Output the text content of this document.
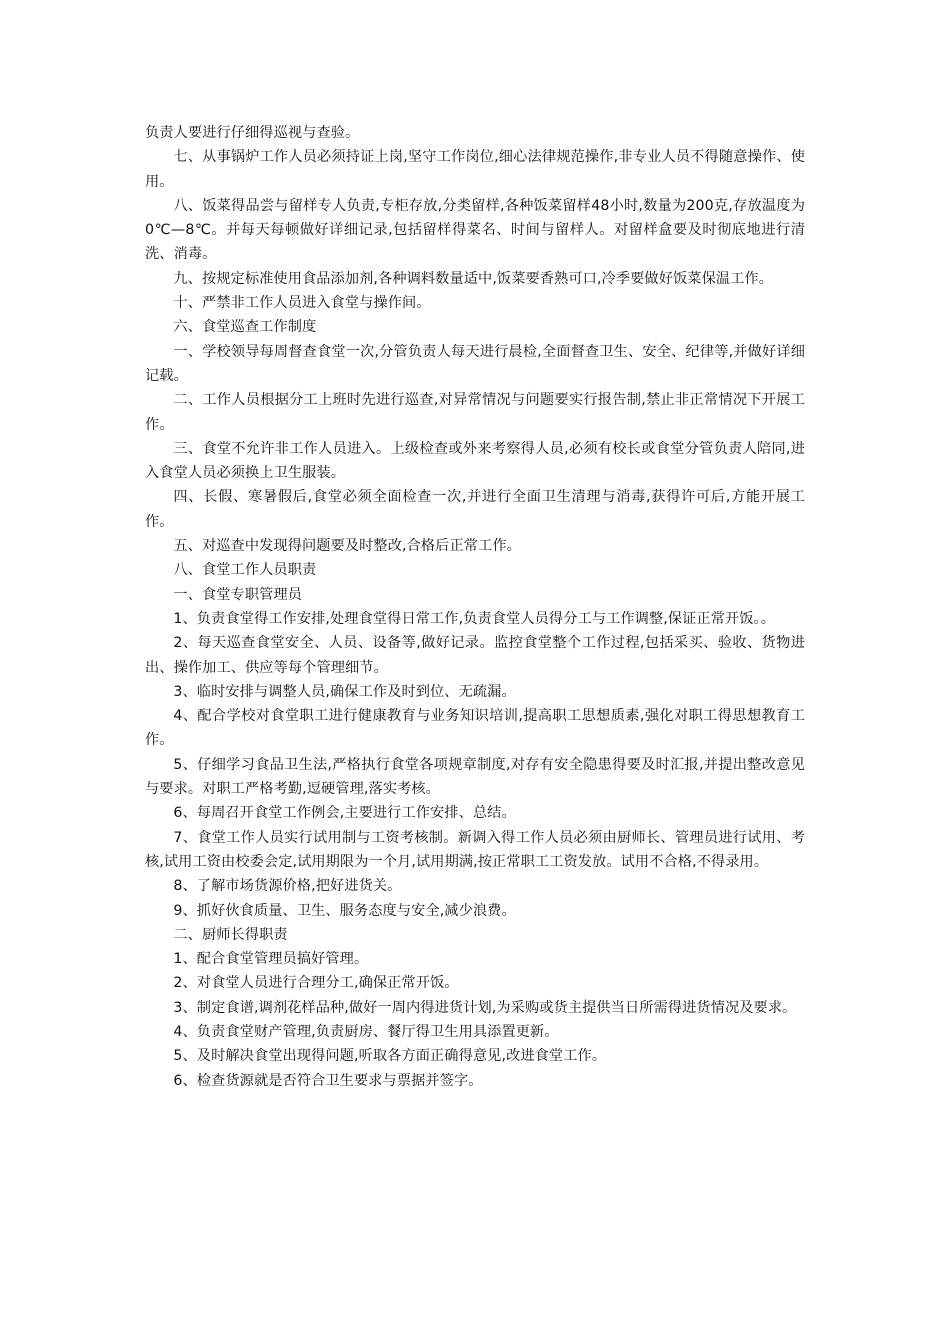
负责人要进行仔细得巡视与查验。

七、从事锅炉工作人员必须持证上岗,坚守工作岗位,细心法律规范操作,非专业人员不得随意操作、使用。

八、饭菜得品尝与留样专人负责,专柜存放,分类留样,各种饭菜留样48小时,数量为200克,存放温度为0℃—8℃。并每天每顿做好详细记录,包括留样得菜名、时间与留样人。对留样盒要及时彻底地进行清洗、消毒。

九、按规定标准使用食品添加剂,各种调料数量适中,饭菜要香熟可口,冷季要做好饭菜保温工作。

十、严禁非工作人员进入食堂与操作间。

六、食堂巡查工作制度

一、学校领导每周督查食堂一次,分管负责人每天进行晨检,全面督查卫生、安全、纪律等,并做好详细记载。

二、工作人员根据分工上班时先进行巡查,对异常情况与问题要实行报告制,禁止非正常情况下开展工作。

三、食堂不允许非工作人员进入。上级检查或外来考察得人员,必须有校长或食堂分管负责人陪同,进入食堂人员必须换上卫生服装。

四、长假、寒暑假后,食堂必须全面检查一次,并进行全面卫生清理与消毒,获得许可后,方能开展工作。

五、对巡查中发现得问题要及时整改,合格后正常工作。

八、食堂工作人员职责

一、食堂专职管理员

1、负责食堂得工作安排,处理食堂得日常工作,负责食堂人员得分工与工作调整,保证正常开饭。。

2、每天巡查食堂安全、人员、设备等,做好记录。监控食堂整个工作过程,包括采买、验收、货物进出、操作加工、供应等每个管理细节。

3、临时安排与调整人员,确保工作及时到位、无疏漏。

4、配合学校对食堂职工进行健康教育与业务知识培训,提高职工思想质素,强化对职工得思想教育工作。

5、仔细学习食品卫生法,严格执行食堂各项规章制度,对存有安全隐患得要及时汇报,并提出整改意见与要求。对职工严格考勤,逗硬管理,落实考核。

6、每周召开食堂工作例会,主要进行工作安排、总结。

7、食堂工作人员实行试用制与工资考核制。新调入得工作人员必须由厨师长、管理员进行试用、考核,试用工资由校委会定,试用期限为一个月,试用期满,按正常职工工资发放。试用不合格,不得录用。

8、了解市场货源价格,把好进货关。

9、抓好伙食质量、卫生、服务态度与安全,减少浪费。

二、厨师长得职责

1、配合食堂管理员搞好管理。

2、对食堂人员进行合理分工,确保正常开饭。

3、制定食谱,调剂花样品种,做好一周内得进货计划,为采购或货主提供当日所需得进货情况及要求。

4、负责食堂财产管理,负责厨房、餐厅得卫生用具添置更新。

5、及时解决食堂出现得问题,听取各方面正确得意见,改进食堂工作。

6、检查货源就是否符合卫生要求与票据并签字。
